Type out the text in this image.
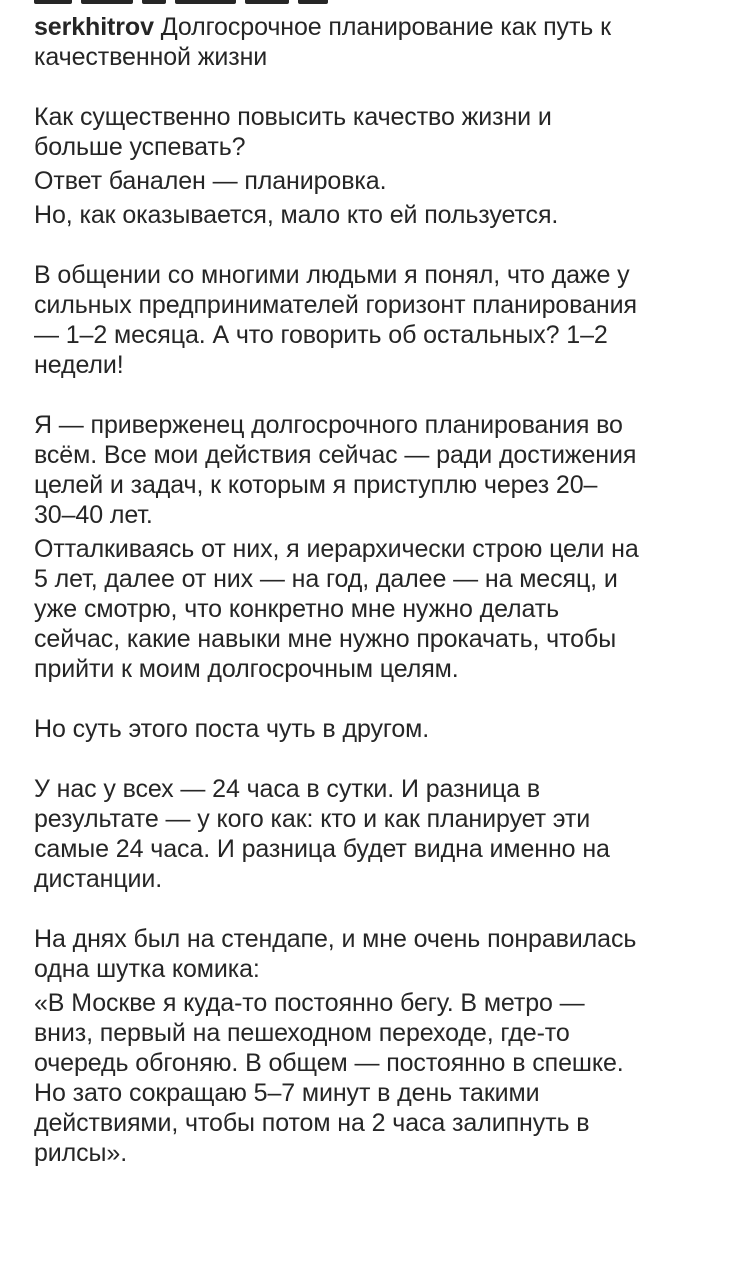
serkhitrov Долгосрочное планирование как путь к
качественной жизни

Как существенно повысить качество жизни и
больше успевать?

Ответ банален — планировка.

Но, как оказывается, мало кто ей пользуется.

В общении со многими людьми я понял, что даже у
сильных предпринимателей горизонт планирования
— 1–2 месяца. А что говорить об остальных? 1–2
недели!

Я — приверженец долгосрочного планирования во
всём. Все мои действия сейчас — ради достижения
целей и задач, к которым я приступлю через 20–
30–40 лет.

Отталкиваясь от них, я иерархически строю цели на
5 лет, далее от них — на год, далее — на месяц, и
уже смотрю, что конкретно мне нужно делать
сейчас, какие навыки мне нужно прокачать, чтобы
прийти к моим долгосрочным целям.

Но суть этого поста чуть в другом.

У нас у всех — 24 часа в сутки. И разница в
результате — у кого как: кто и как планирует эти
самые 24 часа. И разница будет видна именно на
дистанции.

На днях был на стендапе, и мне очень понравилась
одна шутка комика:

«В Москве я куда-то постоянно бегу. В метро —
вниз, первый на пешеходном переходе, где-то
очередь обгоняю. В общем — постоянно в спешке.
Но зато сокращаю 5–7 минут в день такими
действиями, чтобы потом на 2 часа залипнуть в
рилсы».
